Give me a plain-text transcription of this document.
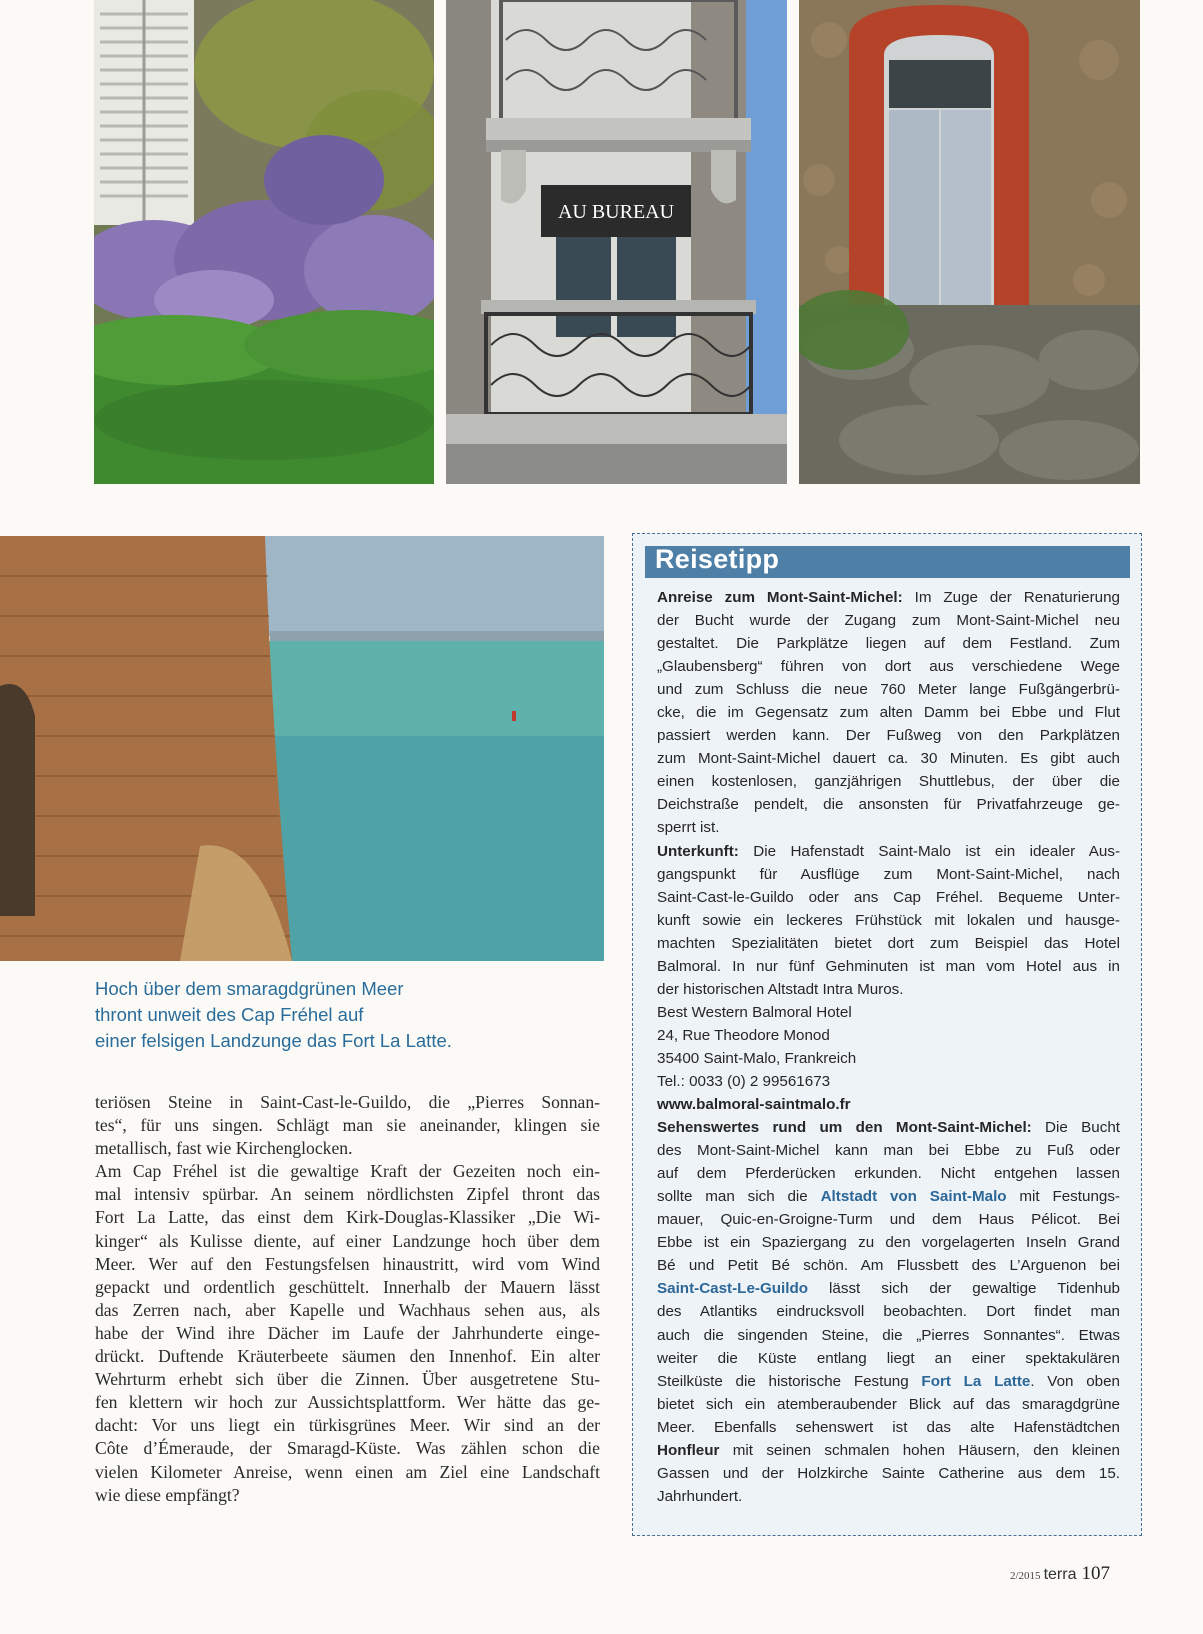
AU BUREAU
Hoch über dem smaragdgrünen Meer
thront unweit des Cap Fréhel auf
einer felsigen Landzunge das Fort La Latte.
teriösen Steine in Saint-Cast-le-Guildo, die „Pierres Sonnan-
tes“, für uns singen. Schlägt man sie aneinander, klingen sie
metallisch, fast wie Kirchenglocken.
Am Cap Fréhel ist die gewaltige Kraft der Gezeiten noch ein-
mal intensiv spürbar. An seinem nördlichsten Zipfel thront das
Fort La Latte, das einst dem Kirk-Douglas-Klassiker „Die Wi-
kinger“ als Kulisse diente, auf einer Landzunge hoch über dem
Meer. Wer auf den Festungsfelsen hinaustritt, wird vom Wind
gepackt und ordentlich geschüttelt. Innerhalb der Mauern lässt
das Zerren nach, aber Kapelle und Wachhaus sehen aus, als
habe der Wind ihre Dächer im Laufe der Jahrhunderte einge-
drückt. Duftende Kräuterbeete säumen den Innenhof. Ein alter
Wehrturm erhebt sich über die Zinnen. Über ausgetretene Stu-
fen klettern wir hoch zur Aussichtsplattform. Wer hätte das ge-
dacht: Vor uns liegt ein türkisgrünes Meer. Wir sind an der
Côte d’Émeraude, der Smaragd-Küste. Was zählen schon die
vielen Kilometer Anreise, wenn einen am Ziel eine Landschaft
wie diese empfängt?
Reisetipp
Anreise zum Mont-Saint-Michel: Im Zuge der Renaturierung
der Bucht wurde der Zugang zum Mont-Saint-Michel neu
gestaltet. Die Parkplätze liegen auf dem Festland. Zum
„Glaubensberg“ führen von dort aus verschiedene Wege
und zum Schluss die neue 760 Meter lange Fußgängerbrü-
cke, die im Gegensatz zum alten Damm bei Ebbe und Flut
passiert werden kann. Der Fußweg von den Parkplätzen
zum Mont-Saint-Michel dauert ca. 30 Minuten. Es gibt auch
einen kostenlosen, ganzjährigen Shuttlebus, der über die
Deichstraße pendelt, die ansonsten für Privatfahrzeuge ge-
sperrt ist.
Unterkunft: Die Hafenstadt Saint-Malo ist ein idealer Aus-
gangspunkt für Ausflüge zum Mont-Saint-Michel, nach
Saint-Cast-le-Guildo oder ans Cap Fréhel. Bequeme Unter-
kunft sowie ein leckeres Frühstück mit lokalen und hausge-
machten Spezialitäten bietet dort zum Beispiel das Hotel
Balmoral. In nur fünf Gehminuten ist man vom Hotel aus in
der historischen Altstadt Intra Muros.
Best Western Balmoral Hotel
24, Rue Theodore Monod
35400 Saint-Malo, Frankreich
Tel.: 0033 (0) 2 99561673
www.balmoral-saintmalo.fr
Sehenswertes rund um den Mont-Saint-Michel: Die Bucht
des Mont-Saint-Michel kann man bei Ebbe zu Fuß oder
auf dem Pferderücken erkunden. Nicht entgehen lassen
sollte man sich die Altstadt von Saint-Malo mit Festungs-
mauer, Quic-en-Groigne-Turm und dem Haus Pélicot. Bei
Ebbe ist ein Spaziergang zu den vorgelagerten Inseln Grand
Bé und Petit Bé schön. Am Flussbett des L’Arguenon bei
Saint-Cast-Le-Guildo lässt sich der gewaltige Tidenhub
des Atlantiks eindrucksvoll beobachten. Dort findet man
auch die singenden Steine, die „Pierres Sonnantes“. Etwas
weiter die Küste entlang liegt an einer spektakulären
Steilküste die historische Festung Fort La Latte. Von oben
bietet sich ein atemberaubender Blick auf das smaragdgrüne
Meer. Ebenfalls sehenswert ist das alte Hafenstädtchen
Honfleur mit seinen schmalen hohen Häusern, den kleinen
Gassen und der Holzkirche Sainte Catherine aus dem 15.
Jahrhundert.
2/2015 terra 107
